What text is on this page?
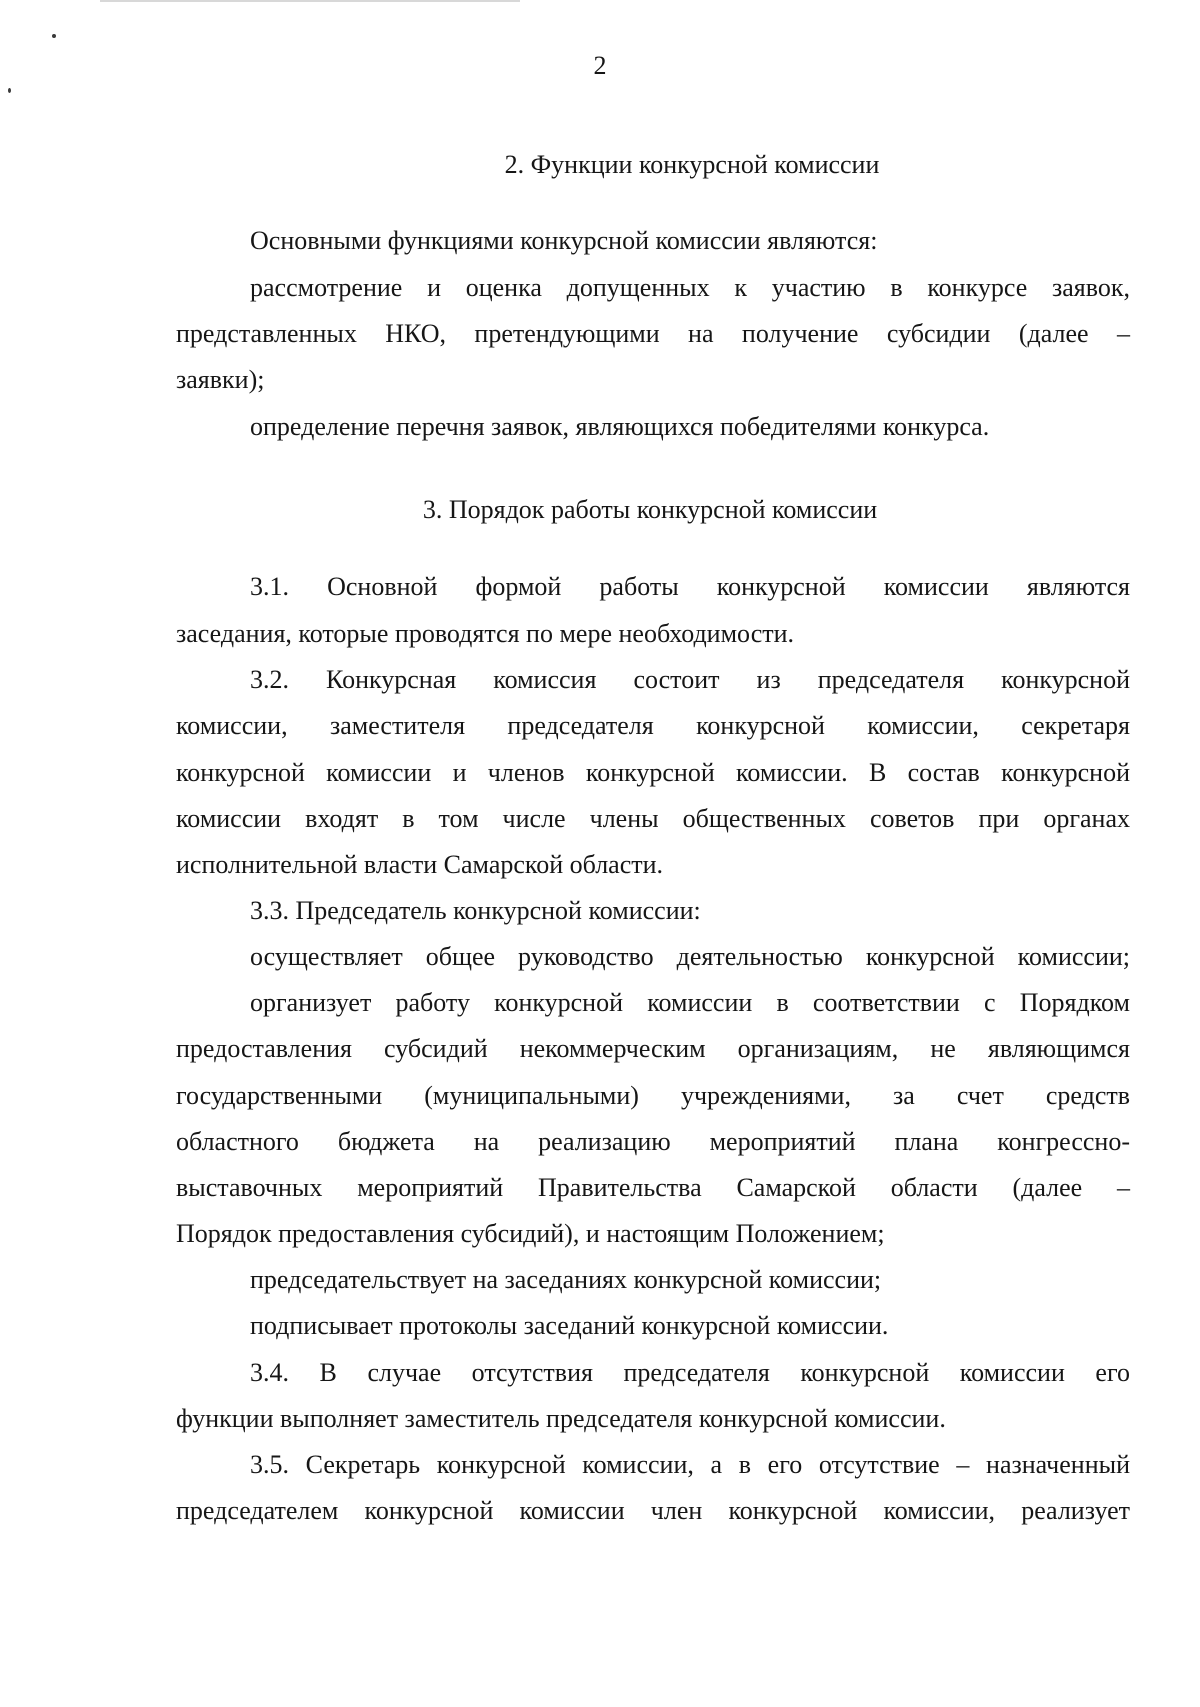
2
2. Функции конкурсной комиссии
Основными функциями конкурсной комиссии являются:
рассмотрение и оценка допущенных к участию в конкурсе заявок,
представленных НКО, претендующими на получение субсидии (далее –
заявки);
определение перечня заявок, являющихся победителями конкурса.
3. Порядок работы конкурсной комиссии
3.1. Основной формой работы конкурсной комиссии являются
заседания, которые проводятся по мере необходимости.
3.2. Конкурсная комиссия состоит из председателя конкурсной
комиссии, заместителя председателя конкурсной комиссии, секретаря
конкурсной комиссии и членов конкурсной комиссии. В состав конкурсной
комиссии входят в том числе члены общественных советов при органах
исполнительной власти Самарской области.
3.3. Председатель конкурсной комиссии:
осуществляет общее руководство деятельностью конкурсной комиссии;
организует работу конкурсной комиссии в соответствии с Порядком
предоставления субсидий некоммерческим организациям, не являющимся
государственными (муниципальными) учреждениями, за счет средств
областного бюджета на реализацию мероприятий плана конгрессно-
выставочных мероприятий Правительства Самарской области (далее –
Порядок предоставления субсидий), и настоящим Положением;
председательствует на заседаниях конкурсной комиссии;
подписывает протоколы заседаний конкурсной комиссии.
3.4. В случае отсутствия председателя конкурсной комиссии его
функции выполняет заместитель председателя конкурсной комиссии.
3.5. Секретарь конкурсной комиссии, а в его отсутствие – назначенный
председателем конкурсной комиссии член конкурсной комиссии, реализует
